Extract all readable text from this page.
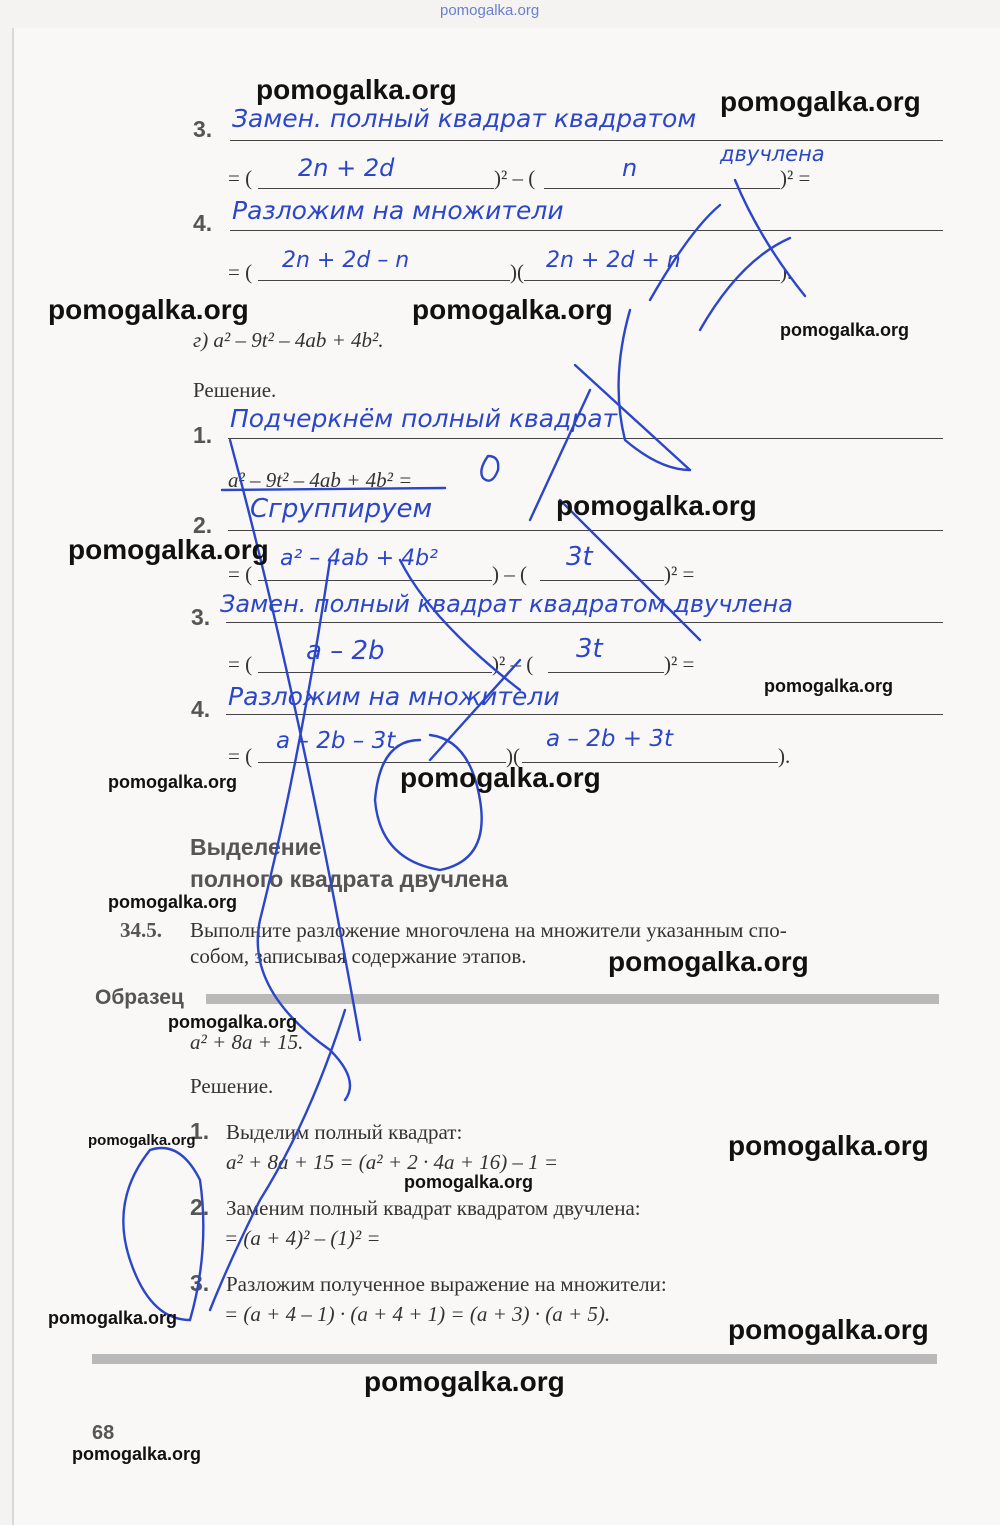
pomogalka.org
3. Замен. полный квадрат квадратом
двучлена
= ( 2n + 2d	)² – (	n	)² =
4. Разложим на множители
= ( 2n + 2d – n	)( 2n + 2d + n	).
г) a² – 9t² – 4ab + 4b².
Решение.
1.
Подчеркнём полный квадрат
a² – 9t² – 4ab + 4b² =
2.
Сгруппируем
= (
a² – 4ab + 4b²
) – (
3t
)² =
3. Замен. полный квадрат квадратом двучлена
= ( a – 2b	)² – ( 3t	)² =
4. Разложим на множители
= (
a – 2b – 3t
)(
a – 2b + 3t
).
Выделение
полного квадрата двучлена
34.5. Выполните разложение многочлена на множители указанным спо-
собом, записывая содержание этапов.
Образец
a² + 8a + 15.
Решение.
1. Выделим полный квадрат:
a² + 8a + 15 = (a² + 2 · 4a + 16) – 1 =
2. Заменим полный квадрат квадратом двучлена:
= (a + 4)² – (1)² =
3. Разложим полученное выражение на множители:
= (a + 4 – 1) · (a + 4 + 1) = (a + 3) · (a + 5).
68
pomogalka.org	pomogalka.org
pomogalka.org	pomogalka.org
pomogalka.org
pomogalka.org
pomogalka.org
pomogalka.org
pomogalka.org
pomogalka.org
pomogalka.org
pomogalka.org
pomogalka.org
pomogalka.org	pomogalka.org
pomogalka.org
pomogalka.org	pomogalka.org
pomogalka.org
pomogalka.org
